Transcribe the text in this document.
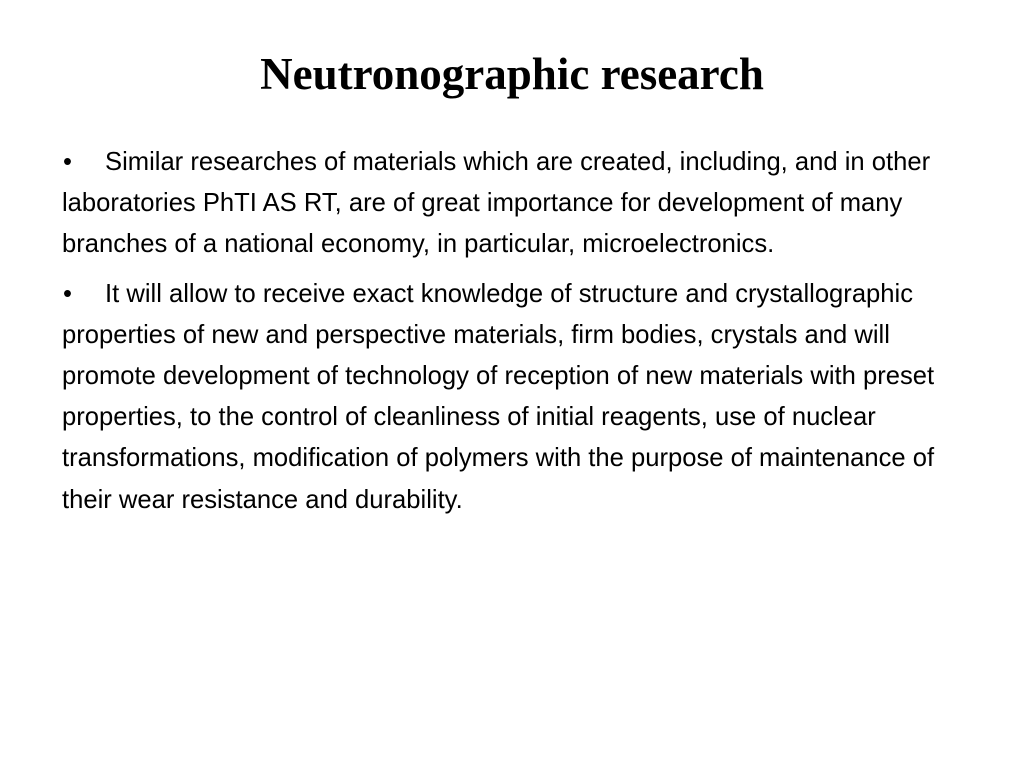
Neutronographic research
• Similar researches of materials which are created, including, and in other laboratories PhTI AS RT, are of great importance for development of many branches of a national economy, in particular, microelectronics.
• It will allow to receive exact knowledge of structure and crystallographic properties of new and perspective materials, firm bodies, crystals and will promote development of technology of reception of new materials with preset properties, to the control of cleanliness of initial reagents, use of nuclear transformations, modification of polymers with the purpose of maintenance of their wear resistance and durability.
